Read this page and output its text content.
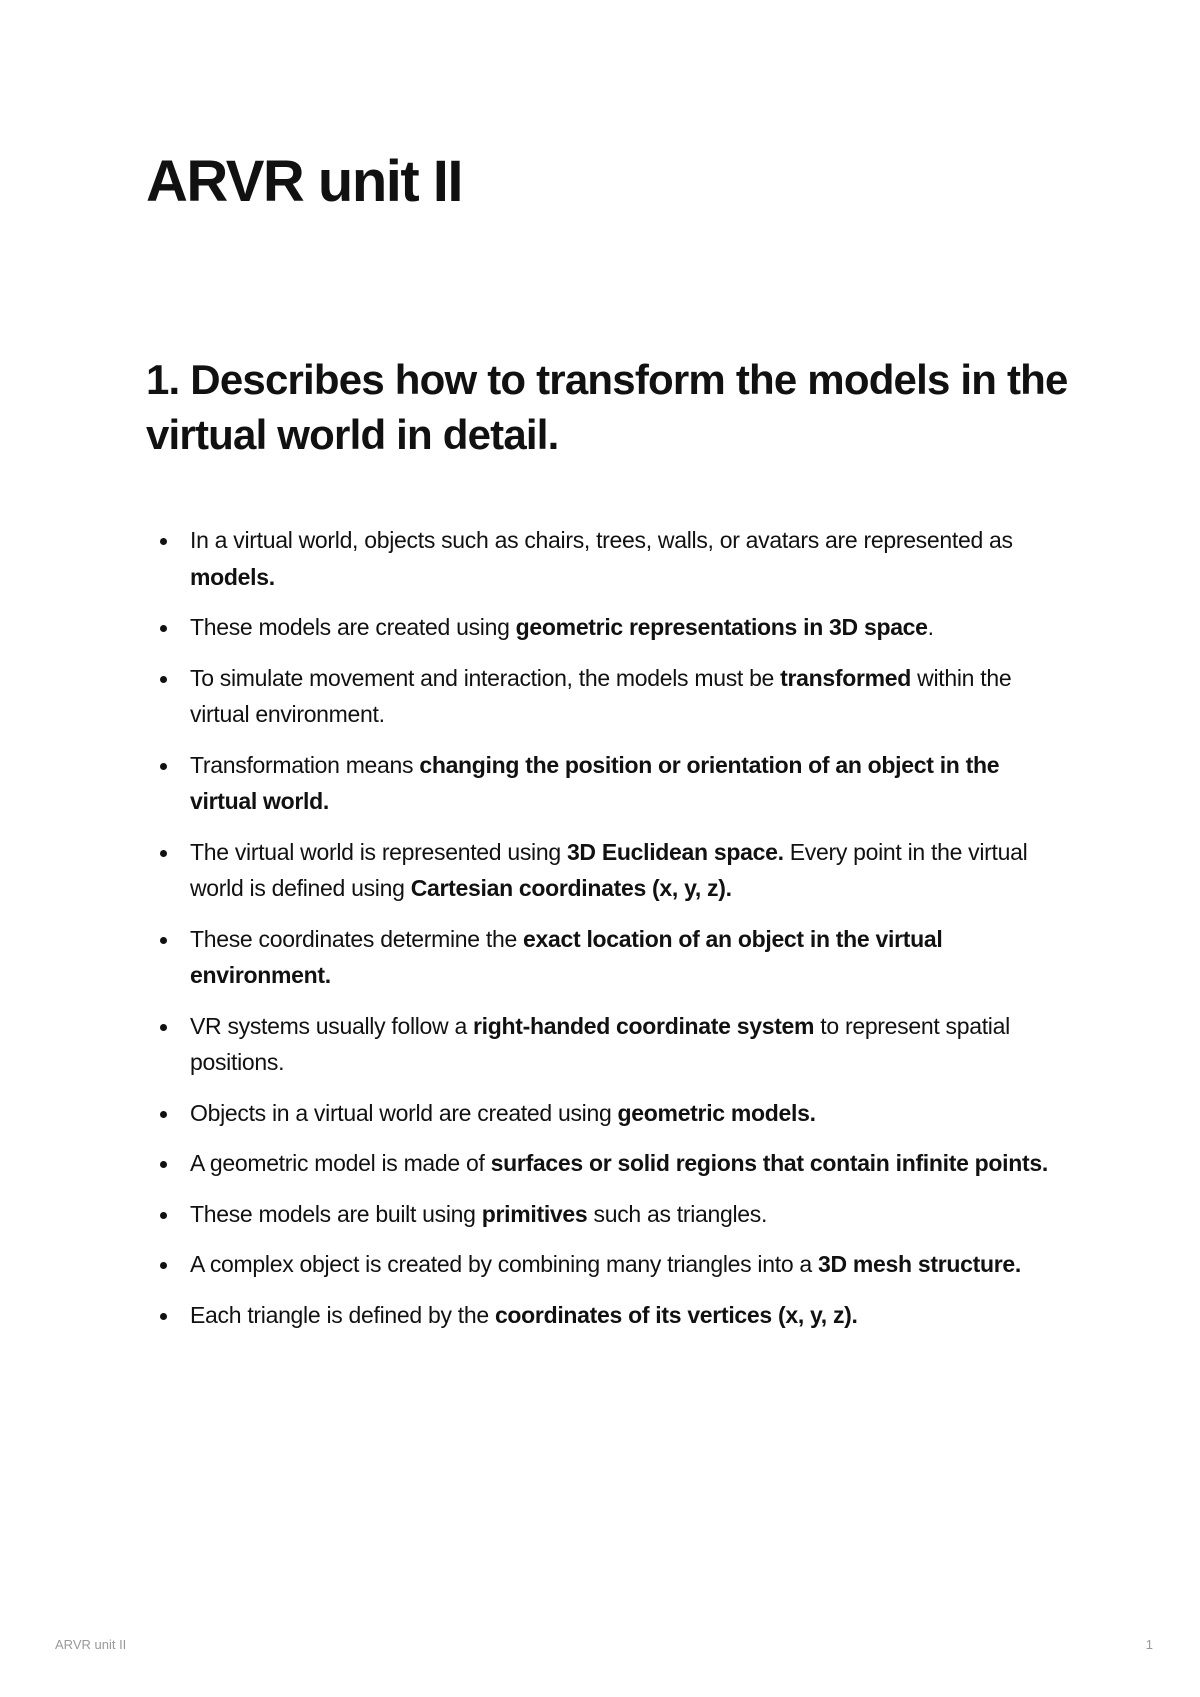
ARVR unit II
1. Describes how to transform the models in the virtual world in detail.
In a virtual world, objects such as chairs, trees, walls, or avatars are represented as models.
These models are created using geometric representations in 3D space.
To simulate movement and interaction, the models must be transformed within the virtual environment.
Transformation means changing the position or orientation of an object in the virtual world.
The virtual world is represented using 3D Euclidean space. Every point in the virtual world is defined using Cartesian coordinates (x, y, z).
These coordinates determine the exact location of an object in the virtual environment.
VR systems usually follow a right-handed coordinate system to represent spatial positions.
Objects in a virtual world are created using geometric models.
A geometric model is made of surfaces or solid regions that contain infinite points.
These models are built using primitives such as triangles.
A complex object is created by combining many triangles into a 3D mesh structure.
Each triangle is defined by the coordinates of its vertices (x, y, z).
ARVR unit II	1
